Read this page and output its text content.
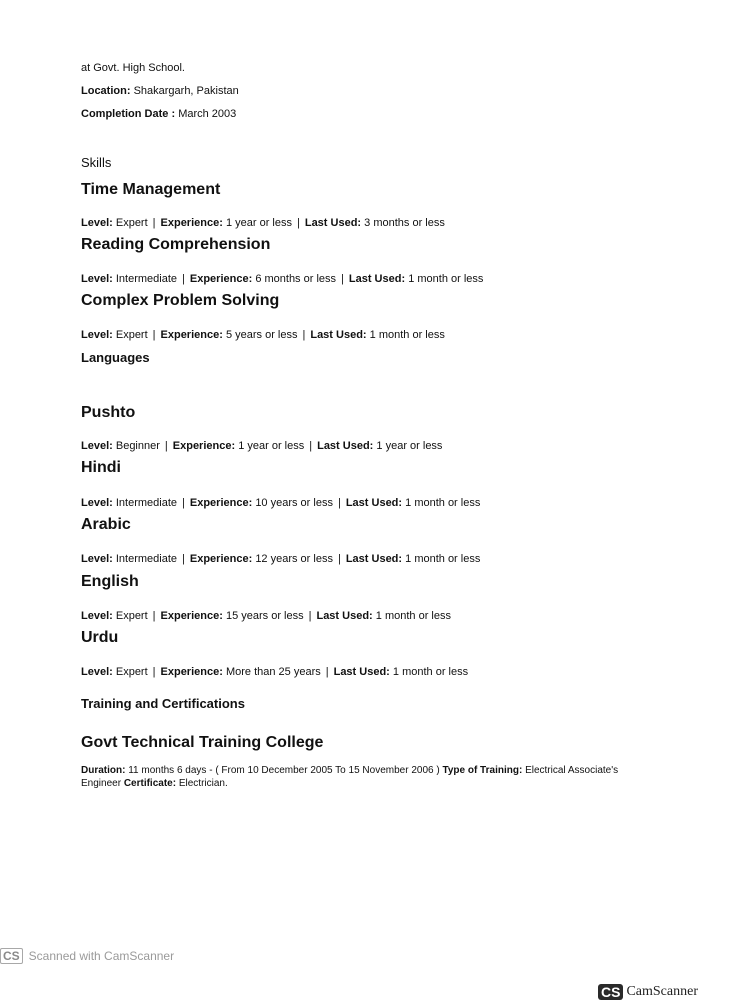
at Govt. High School.
Location: Shakargarh, Pakistan
Completion Date : March 2003
Skills
Time Management
Level: Expert | Experience: 1 year or less | Last Used: 3 months or less
Reading Comprehension
Level: Intermediate | Experience: 6 months or less | Last Used: 1 month or less
Complex Problem Solving
Level: Expert | Experience: 5 years or less | Last Used: 1 month or less
Languages
Pushto
Level: Beginner | Experience: 1 year or less | Last Used: 1 year or less
Hindi
Level: Intermediate | Experience: 10 years or less | Last Used: 1 month or less
Arabic
Level: Intermediate | Experience: 12 years or less | Last Used: 1 month or less
English
Level: Expert | Experience: 15 years or less | Last Used: 1 month or less
Urdu
Level: Expert | Experience: More than 25 years | Last Used: 1 month or less
Training and Certifications
Govt Technical Training College
Duration: 11 months 6 days - ( From 10 December 2005 To 15 November 2006 ) Type of Training: Electrical Associate's Engineer Certificate: Electrician.
CS Scanned with CamScanner
CS CamScanner
